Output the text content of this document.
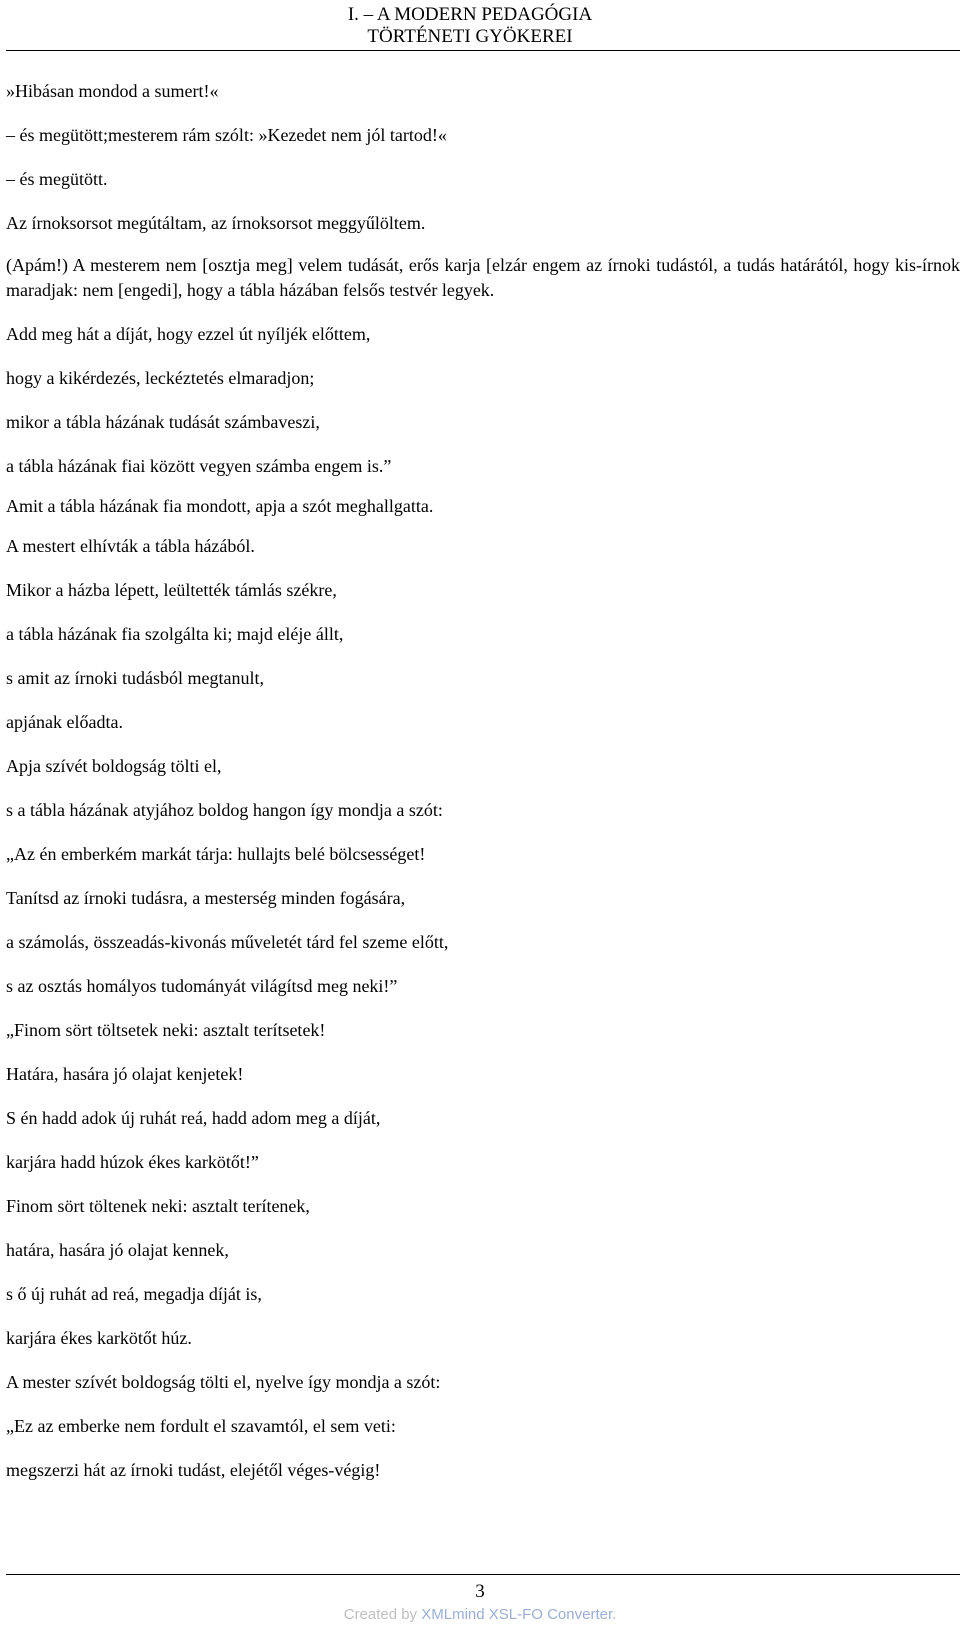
I. – A MODERN PEDAGÓGIA
TÖRTÉNETI GYÖKEREI

»Hibásan mondod a sumert!«

– és megütött;mesterem rám szólt: »Kezedet nem jól tartod!«

– és megütött.

Az írnoksorsot megútáltam, az írnoksorsot meggyűlöltem.

(Apám!) A mesterem nem [osztja meg] velem tudását, erős karja [elzár engem az írnoki tudástól, a tudás határától, hogy kis-írnok maradjak: nem [engedi], hogy a tábla házában felsős testvér legyek.

Add meg hát a díját, hogy ezzel út nyíljék előttem,

hogy a kikérdezés, leckéztetés elmaradjon;

mikor a tábla házának tudását számbaveszi,

a tábla házának fiai között vegyen számba engem is.”

Amit a tábla házának fia mondott, apja a szót meghallgatta.

A mestert elhívták a tábla házából.

Mikor a házba lépett, leültették támlás székre,

a tábla házának fia szolgálta ki; majd eléje állt,

s amit az írnoki tudásból megtanult,

apjának előadta.

Apja szívét boldogság tölti el,

s a tábla házának atyjához boldog hangon így mondja a szót:

„Az én emberkém markát tárja: hullajts belé bölcsességet!

Tanítsd az írnoki tudásra, a mesterség minden fogására,

a számolás, összeadás-kivonás műveletét tárd fel szeme előtt,

s az osztás homályos tudományát világítsd meg neki!”

„Finom sört töltsetek neki: asztalt terítsetek!

Határa, hasára jó olajat kenjetek!

S én hadd adok új ruhát reá, hadd adom meg a díját,

karjára hadd húzok ékes karkötőt!”

Finom sört töltenek neki: asztalt terítenek,

határa, hasára jó olajat kennek,

s ő új ruhát ad reá, megadja díját is,

karjára ékes karkötőt húz.

A mester szívét boldogság tölti el, nyelve így mondja a szót:

„Ez az emberke nem fordult el szavamtól, el sem veti:

megszerzi hát az írnoki tudást, elejétől véges-végig!

3
Created by XMLmind XSL-FO Converter.
